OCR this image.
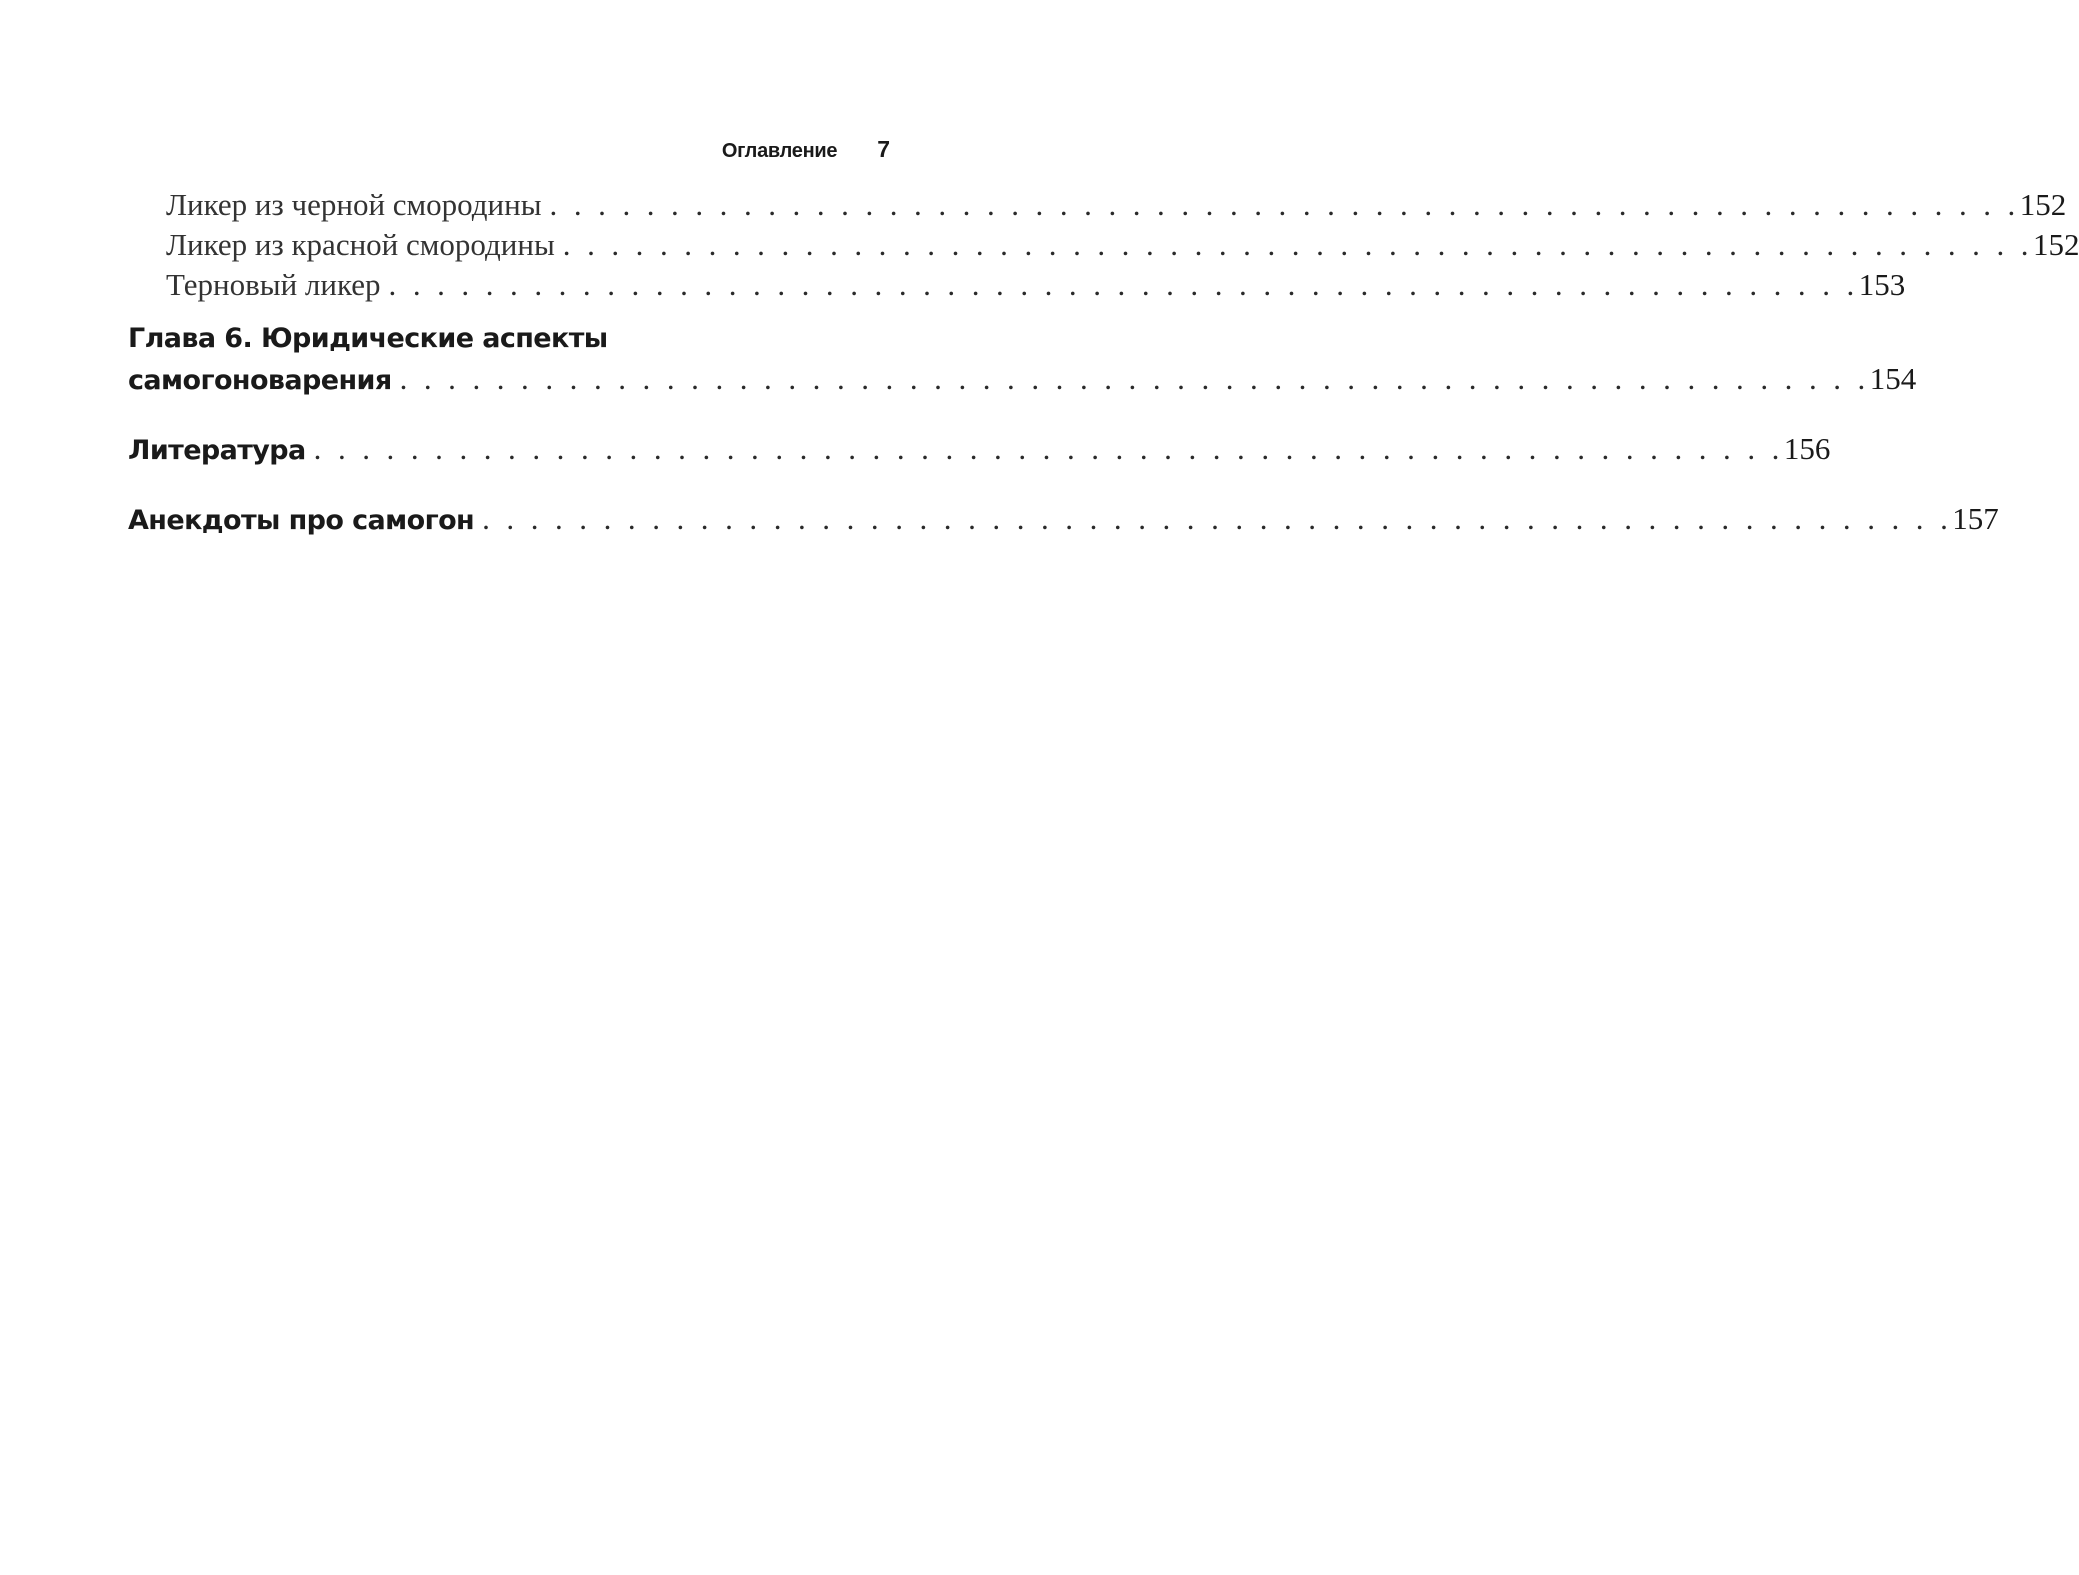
Оглавление 7
Ликер из черной смородины . . . . . . . . . . . . . . . . . . . . . . . . . . . . . . . . . . . . . . . . . . . . . . . . . . . . . . . . . . . . . 152
Ликер из красной смородины . . . . . . . . . . . . . . . . . . . . . . . . . . . . . . . . . . . . . . . . . . . . . . . . . . . . . . . . . . . . . 152
Терновый ликер . . . . . . . . . . . . . . . . . . . . . . . . . . . . . . . . . . . . . . . . . . . . . . . . . . . . . . . . . . . . . 153
Глава 6. Юридические аспекты
самогоноварения . . . . . . . . . . . . . . . . . . . . . . . . . . . . . . . . . . . . . . . . . . . . . . . . . . . . . . . . . . . . . 154
Литература . . . . . . . . . . . . . . . . . . . . . . . . . . . . . . . . . . . . . . . . . . . . . . . . . . . . . . . . . . . . . 156
Анекдоты про самогон . . . . . . . . . . . . . . . . . . . . . . . . . . . . . . . . . . . . . . . . . . . . . . . . . . . . . . . . . . . . . 157
